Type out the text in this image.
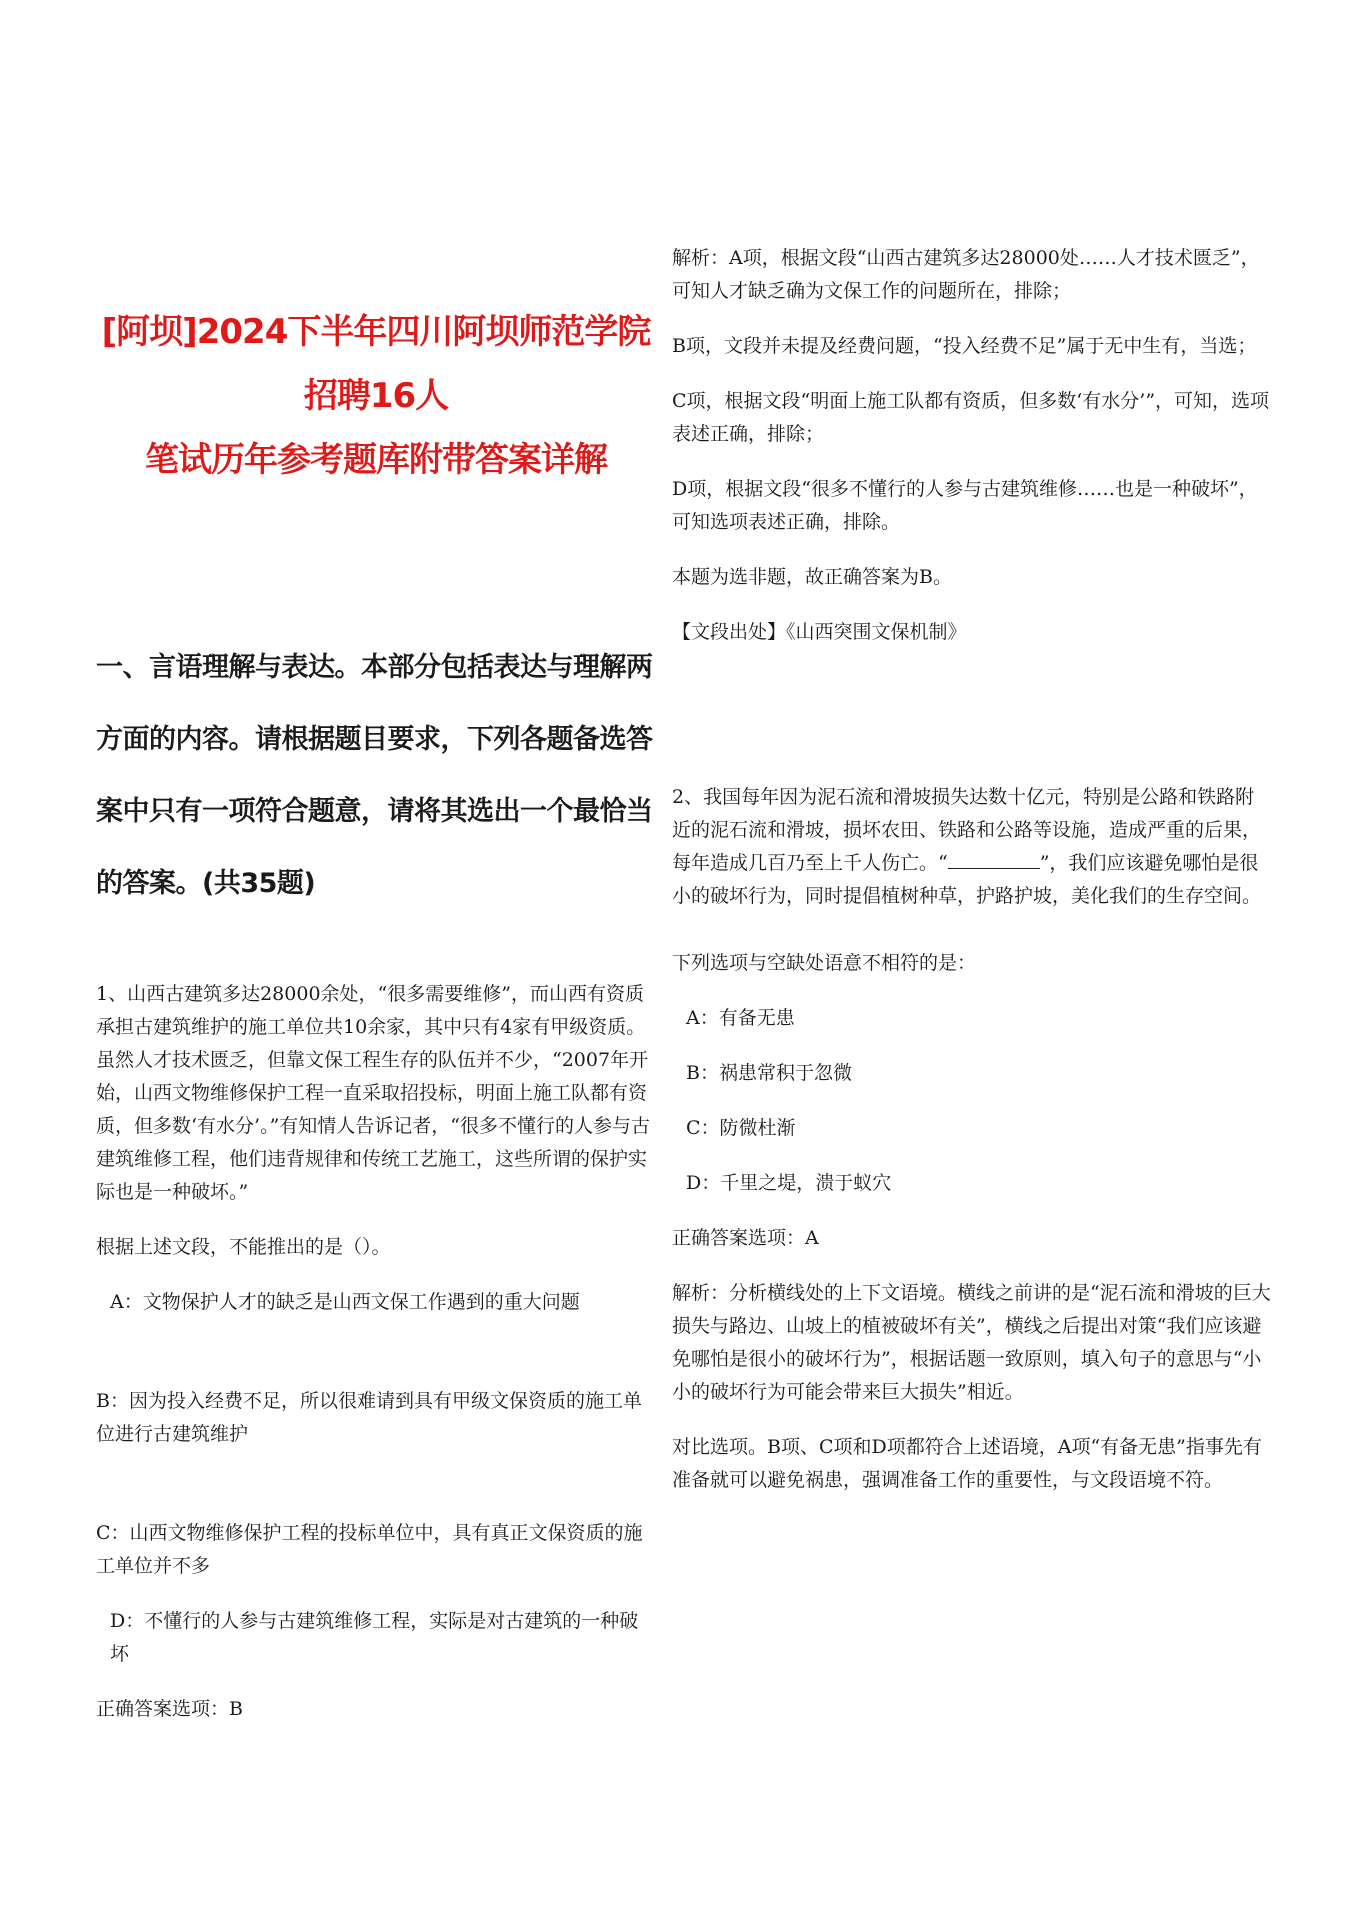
[阿坝]2024下半年四川阿坝师范学院招聘16人
笔试历年参考题库附带答案详解
一、言语理解与表达。本部分包括表达与理解两方面的内容。请根据题目要求，下列各题备选答案中只有一项符合题意，请将其选出一个最恰当的答案。(共35题)

1、山西古建筑多达28000余处，“很多需要维修”，而山西有资质承担古建筑维护的施工单位共10余家，其中只有4家有甲级资质。虽然人才技术匮乏，但靠文保工程生存的队伍并不少，“2007年开始，山西文物维修保护工程一直采取招投标，明面上施工队都有资质，但多数‘有水分’。”有知情人告诉记者，“很多不懂行的人参与古建筑维修工程，他们违背规律和传统工艺施工，这些所谓的保护实际也是一种破坏。”

根据上述文段，不能推出的是（）。

A：文物保护人才的缺乏是山西文保工作遇到的重大问题

B：因为投入经费不足，所以很难请到具有甲级文保资质的施工单位进行古建筑维护

C：山西文物维修保护工程的投标单位中，具有真正文保资质的施工单位并不多

D：不懂行的人参与古建筑维修工程，实际是对古建筑的一种破坏

正确答案选项：B

解析：A项，根据文段“山西古建筑多达28000处……人才技术匮乏”，可知人才缺乏确为文保工作的问题所在，排除；

B项，文段并未提及经费问题，“投入经费不足”属于无中生有，当选；

C项，根据文段“明面上施工队都有资质，但多数‘有水分’”，可知，选项表述正确，排除；

D项，根据文段“很多不懂行的人参与古建筑维修……也是一种破坏”，可知选项表述正确，排除。

本题为选非题，故正确答案为B。

【文段出处】《山西突围文保机制》

2、我国每年因为泥石流和滑坡损失达数十亿元，特别是公路和铁路附近的泥石流和滑坡，损坏农田、铁路和公路等设施，造成严重的后果，每年造成几百乃至上千人伤亡。“	”，我们应该避免哪怕是很小的破坏行为，同时提倡植树种草，护路护坡，美化我们的生存空间。

下列选项与空缺处语意不相符的是：

A：有备无患

B：祸患常积于忽微

C：防微杜渐

D：千里之堤，溃于蚁穴

正确答案选项：A

解析：分析横线处的上下文语境。横线之前讲的是“泥石流和滑坡的巨大损失与路边、山坡上的植被破坏有关”，横线之后提出对策“我们应该避免哪怕是很小的破坏行为”，根据话题一致原则，填入句子的意思与“小小的破坏行为可能会带来巨大损失”相近。

对比选项。B项、C项和D项都符合上述语境，A项“有备无患”指事先有准备就可以避免祸患，强调准备工作的重要性，与文段语境不符。
